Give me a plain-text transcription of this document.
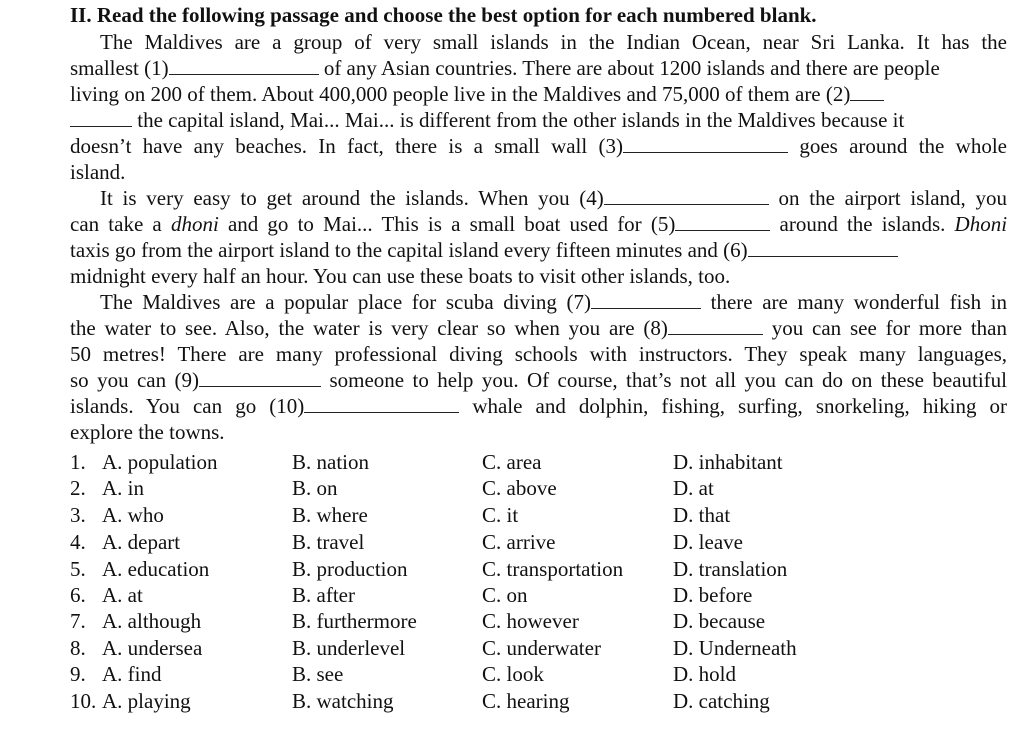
II. Read the following passage and choose the best option for each numbered blank.
The Maldives are a group of very small islands in the Indian Ocean, near Sri Lanka. It has the
smallest (1)	of any Asian countries. There are about 1200 islands and there are people
living on 200 of them. About 400,000 people live in the Maldives and 75,000 of them are (2)
the capital island, Mai... Mai... is different from the other islands in the Maldives because it
doesn’t have any beaches. In fact, there is a small wall (3)	goes around the whole
island.
It is very easy to get around the islands. When you (4)	on the airport island, you
can take a dhoni and go to Mai... This is a small boat used for (5)	around the islands. Dhoni
taxis go from the airport island to the capital island every fifteen minutes and (6)
midnight every half an hour. You can use these boats to visit other islands, too.
The Maldives are a popular place for scuba diving (7)	there are many wonderful fish in
the water to see. Also, the water is very clear so when you are (8)	you can see for more than
50 metres! There are many professional diving schools with instructors. They speak many languages,
so you can (9)	someone to help you. Of course, that’s not all you can do on these beautiful
islands. You can go (10)	whale and dolphin, fishing, surfing, snorkeling, hiking or
explore the towns.
1. A. population	B. nation	C. area	D. inhabitant
2. A. in	B. on	C. above	D. at
3. A. who	B. where	C. it	D. that
4. A. depart	B. travel	C. arrive	D. leave
5. A. education	B. production	C. transportation D. translation
6. A. at	B. after	C. on	D. before
7. A. although	B. furthermore	C. however	D. because
8. A. undersea	B. underlevel	C. underwater	D. Underneath
9. A. find	B. see	C. look	D. hold
10. A. playing	B. watching	C. hearing	D. catching
